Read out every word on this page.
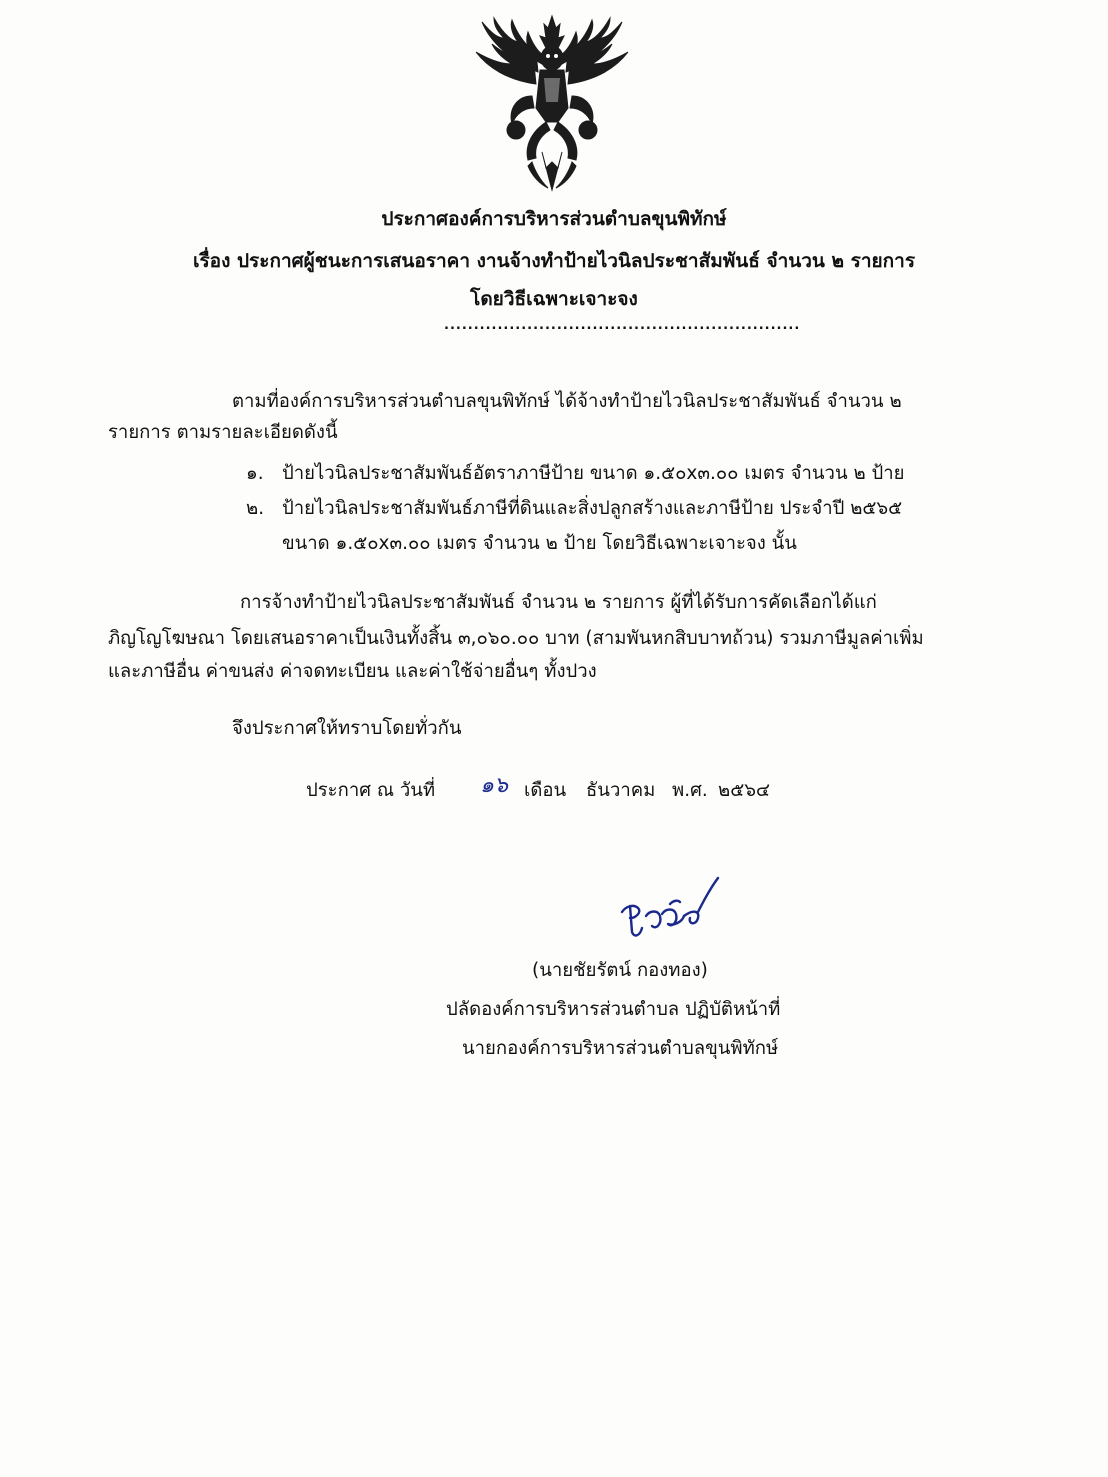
ประกาศองค์การบริหารส่วนตำบลขุนพิทักษ์
เรื่อง ประกาศผู้ชนะการเสนอราคา งานจ้างทำป้ายไวนิลประชาสัมพันธ์ จำนวน ๒ รายการ
โดยวิธีเฉพาะเจาะจง
............................................................
ตามที่องค์การบริหารส่วนตำบลขุนพิทักษ์ ได้จ้างทำป้ายไวนิลประชาสัมพันธ์ จำนวน ๒
รายการ ตามรายละเอียดดังนี้
๑. ป้ายไวนิลประชาสัมพันธ์อัตราภาษีป้าย ขนาด ๑.๕๐x๓.๐๐ เมตร จำนวน ๒ ป้าย
๒. ป้ายไวนิลประชาสัมพันธ์ภาษีที่ดินและสิ่งปลูกสร้างและภาษีป้าย ประจำปี ๒๕๖๕
ขนาด ๑.๕๐x๓.๐๐ เมตร จำนวน ๒ ป้าย โดยวิธีเฉพาะเจาะจง นั้น
การจ้างทำป้ายไวนิลประชาสัมพันธ์ จำนวน ๒ รายการ ผู้ที่ได้รับการคัดเลือกได้แก่
ภิญโญโฆษณา โดยเสนอราคาเป็นเงินทั้งสิ้น ๓,๐๖๐.๐๐ บาท (สามพันหกสิบบาทถ้วน) รวมภาษีมูลค่าเพิ่ม
และภาษีอื่น ค่าขนส่ง ค่าจดทะเบียน และค่าใช้จ่ายอื่นๆ ทั้งปวง
จึงประกาศให้ทราบโดยทั่วกัน
ประกาศ ณ วันที่ ๑๖ เดือน ธันวาคม พ.ศ. ๒๕๖๔
(นายชัยรัตน์ กองทอง)
ปลัดองค์การบริหารส่วนตำบล ปฏิบัติหน้าที่
นายกองค์การบริหารส่วนตำบลขุนพิทักษ์
